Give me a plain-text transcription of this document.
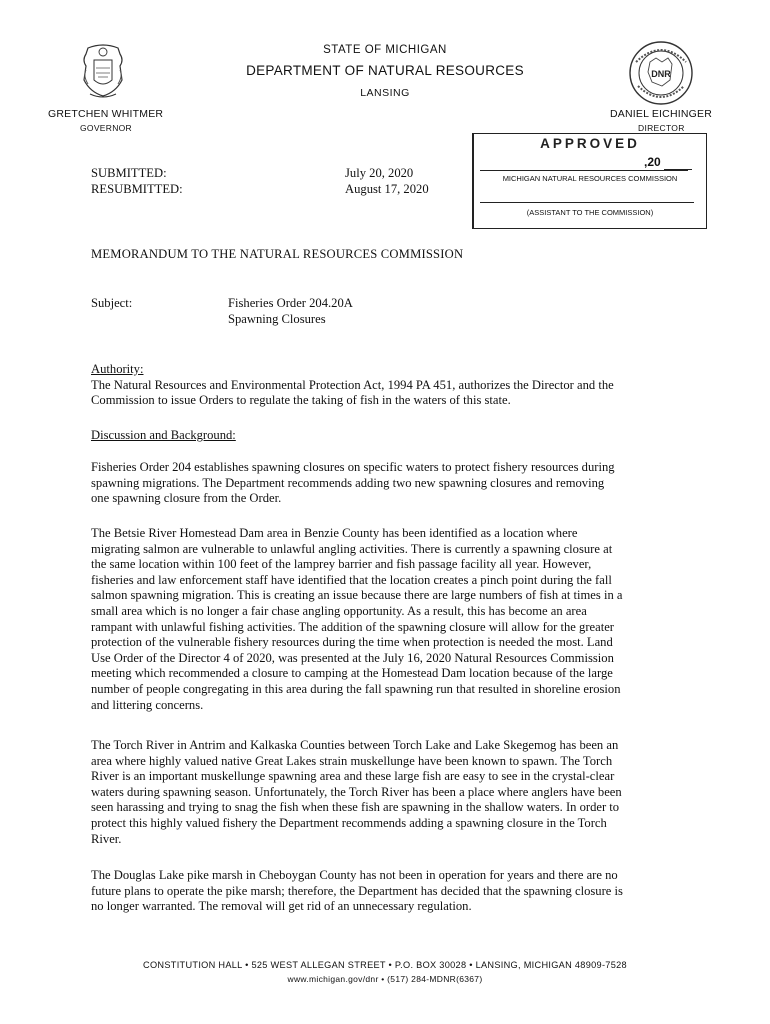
DNR
STATE OF MICHIGAN
DEPARTMENT OF NATURAL RESOURCES
LANSING
GRETCHEN WHITMER
GOVERNOR
DANIEL EICHINGER
DIRECTOR
APPROVED
,20
MICHIGAN NATURAL RESOURCES COMMISSION
(ASSISTANT TO THE COMMISSION)
SUBMITTED:
RESUBMITTED:
July 20, 2020
August 17, 2020
MEMORANDUM TO THE NATURAL RESOURCES COMMISSION
Subject:	Fisheries Order 204.20A
Spawning Closures
Authority:
The Natural Resources and Environmental Protection Act, 1994 PA 451, authorizes the Director and the
Commission to issue Orders to regulate the taking of fish in the waters of this state.
Discussion and Background:
Fisheries Order 204 establishes spawning closures on specific waters to protect fishery resources during
spawning migrations. The Department recommends adding two new spawning closures and removing
one spawning closure from the Order.
The Betsie River Homestead Dam area in Benzie County has been identified as a location where
migrating salmon are vulnerable to unlawful angling activities. There is currently a spawning closure at
the same location within 100 feet of the lamprey barrier and fish passage facility all year. However,
fisheries and law enforcement staff have identified that the location creates a pinch point during the fall
salmon spawning migration. This is creating an issue because there are large numbers of fish at times in a
small area which is no longer a fair chase angling opportunity. As a result, this has become an area
rampant with unlawful fishing activities. The addition of the spawning closure will allow for the greater
protection of the vulnerable fishery resources during the time when protection is needed the most. Land
Use Order of the Director 4 of 2020, was presented at the July 16, 2020 Natural Resources Commission
meeting which recommended a closure to camping at the Homestead Dam location because of the large
number of people congregating in this area during the fall spawning run that resulted in shoreline erosion
and littering concerns.
The Torch River in Antrim and Kalkaska Counties between Torch Lake and Lake Skegemog has been an
area where highly valued native Great Lakes strain muskellunge have been known to spawn. The Torch
River is an important muskellunge spawning area and these large fish are easy to see in the crystal-clear
waters during spawning season. Unfortunately, the Torch River has been a place where anglers have been
seen harassing and trying to snag the fish when these fish are spawning in the shallow waters. In order to
protect this highly valued fishery the Department recommends adding a spawning closure in the Torch
River.
The Douglas Lake pike marsh in Cheboygan County has not been in operation for years and there are no
future plans to operate the pike marsh; therefore, the Department has decided that the spawning closure is
no longer warranted. The removal will get rid of an unnecessary regulation.
CONSTITUTION HALL • 525 WEST ALLEGAN STREET • P.O. BOX 30028 • LANSING, MICHIGAN 48909-7528
www.michigan.gov/dnr • (517) 284-MDNR(6367)
